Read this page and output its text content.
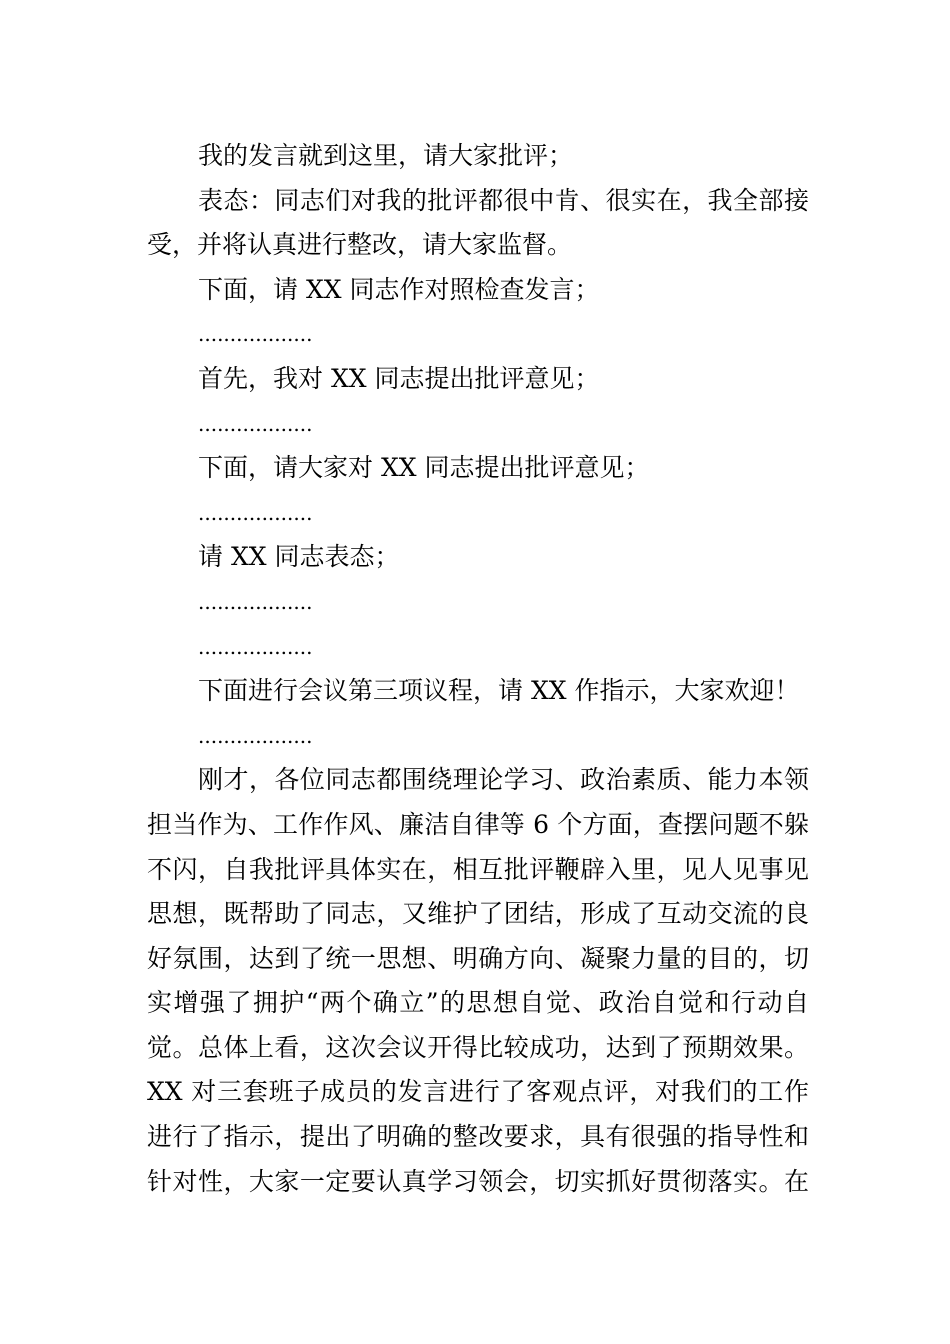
我的发言就到这里，请大家批评；
表态：同志们对我的批评都很中肯、很实在，我全部接
受，并将认真进行整改，请大家监督。
下面，请 XX 同志作对照检查发言；
..................
首先，我对 XX 同志提出批评意见；
..................
下面，请大家对 XX 同志提出批评意见；
..................
请 XX 同志表态；
..................
..................
下面进行会议第三项议程，请 XX 作指示，大家欢迎！
..................
刚才，各位同志都围绕理论学习、政治素质、能力本领
担当作为、工作作风、廉洁自律等 6 个方面，查摆问题不躲
不闪，自我批评具体实在，相互批评鞭辟入里，见人见事见
思想，既帮助了同志，又维护了团结，形成了互动交流的良
好氛围，达到了统一思想、明确方向、凝聚力量的目的，切
实增强了拥护“两个确立”的思想自觉、政治自觉和行动自
觉。总体上看，这次会议开得比较成功，达到了预期效果。
XX 对三套班子成员的发言进行了客观点评，对我们的工作
进行了指示，提出了明确的整改要求，具有很强的指导性和
针对性，大家一定要认真学习领会，切实抓好贯彻落实。在
